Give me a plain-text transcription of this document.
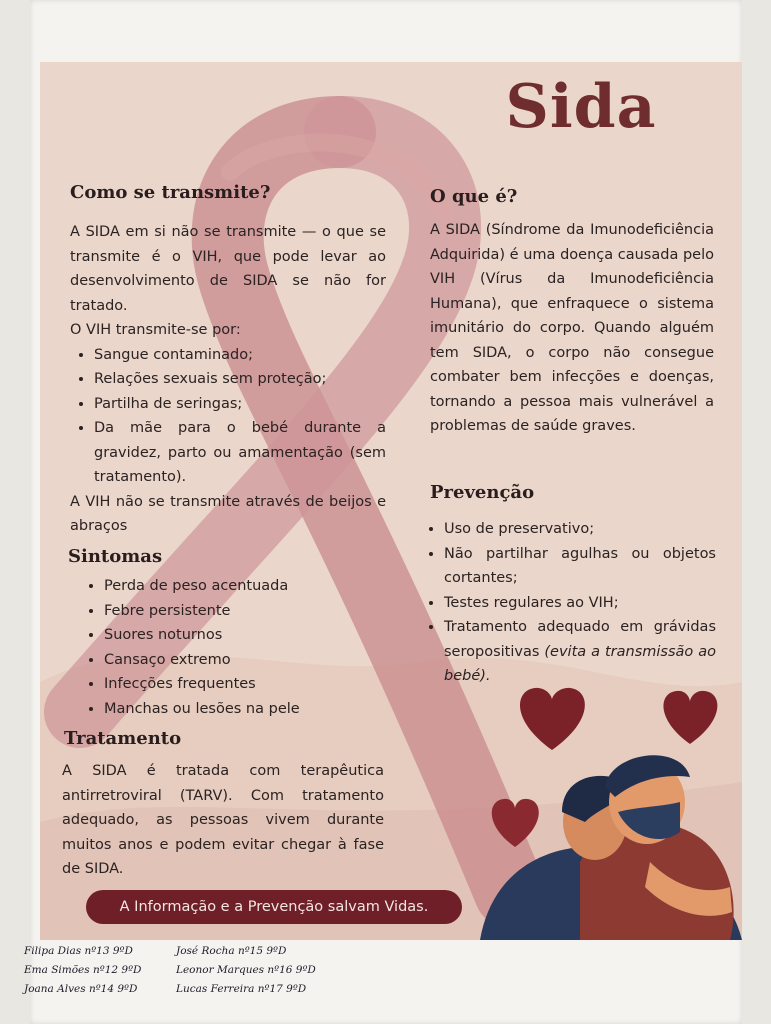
Sida
Como se transmite?
A SIDA em si não se transmite — o que se transmite é o VIH, que pode levar ao desenvolvimento de SIDA se não for tratado.
O VIH transmite-se por:
• Sangue contaminado;
• Relações sexuais sem proteção;
• Partilha de seringas;
• Da mãe para o bebé durante a gravidez, parto ou amamentação (sem tratamento).
A VIH não se transmite através de beijos e abraços
Sintomas
• Perda de peso acentuada
• Febre persistente
• Suores noturnos
• Cansaço extremo
• Infecções frequentes
• Manchas ou lesões na pele
Tratamento
A SIDA é tratada com terapêutica antirretroviral (TARV). Com tratamento adequado, as pessoas vivem durante muitos anos e podem evitar chegar à fase de SIDA.
O que é?
A SIDA (Síndrome da Imunodeficiência Adquirida) é uma doença causada pelo VIH (Vírus da Imunodeficiência Humana), que enfraquece o sistema imunitário do corpo. Quando alguém tem SIDA, o corpo não consegue combater bem infecções e doenças, tornando a pessoa mais vulnerável a problemas de saúde graves.
Prevenção
• Uso de preservativo;
• Não partilhar agulhas ou objetos cortantes;
• Testes regulares ao VIH;
• Tratamento adequado em grávidas seropositivas (evita a transmissão ao bebé).
A Informação e a Prevenção salvam Vidas.
Filipa Dias nº13 9ºD
Ema Simões nº12 9ºD
Joana Alves nº14 9ºD
José Rocha nº15 9ºD
Leonor Marques nº16 9ºD
Lucas Ferreira nº17 9ºD
